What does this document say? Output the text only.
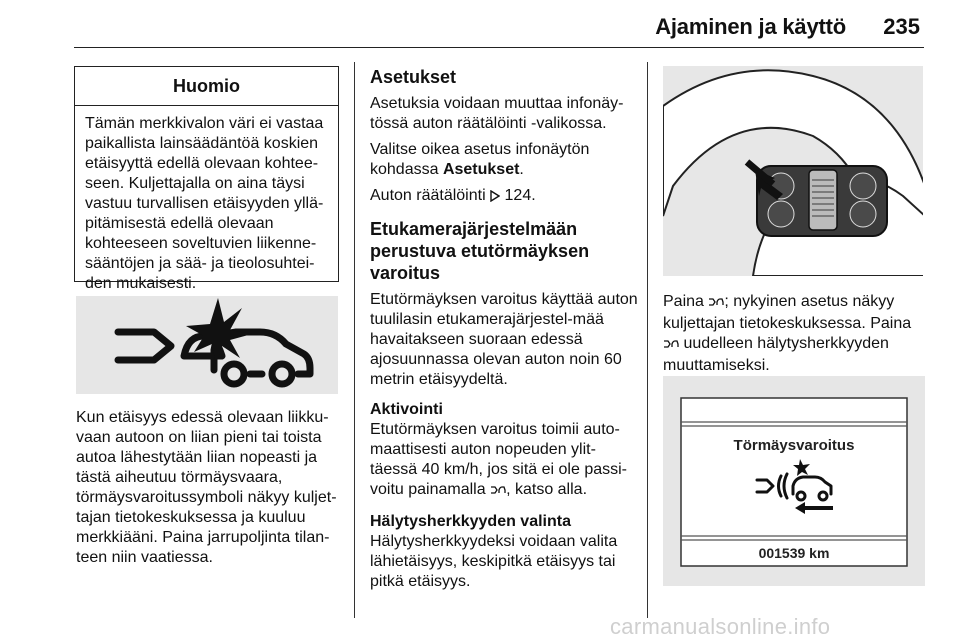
Ajaminen ja käyttö 235
Huomio
Tämän merkkivalon väri ei vastaa paikallista lainsäädäntöä koskien etäisyyttä edellä olevaan kohtee-seen. Kuljettajalla on aina täysi vastuu turvallisen etäisyyden yllä-pitämisestä edellä olevaan kohteeseen soveltuvien liikenne-sääntöjen ja sää- ja tieolosuhtei-den mukaisesti.
Kun etäisyys edessä olevaan liikku-vaan autoon on liian pieni tai toista autoa lähestytään liian nopeasti ja tästä aiheutuu törmäysvaara, törmäysvaroitussymboli näkyy kuljet-tajan tietokeskuksessa ja kuuluu merkkiääni. Paina jarrupoljinta tilan-teen niin vaatiessa.
Asetukset

Asetuksia voidaan muuttaa infonäy-tössä auton räätälöinti -valikossa.

Valitse oikea asetus infonäytön kohdassa Asetukset.

Auton räätälöinti  124.

Etukamerajärjestelmään perustuva etutörmäyksen varoitus

Etutörmäyksen varoitus käyttää auton tuulilasin etukamerajärjestel-mää havaitakseen suoraan edessä ajosuunnassa olevan auton noin 60 metrin etäisyydeltä.

Aktivointi

Etutörmäyksen varoitus toimii auto-maattisesti auton nopeuden ylit-täessä 40 km/h, jos sitä ei ole passi-voitu painamalla , katso alla.

Hälytysherkkyyden valinta

Hälytysherkkyydeksi voidaan valita lähietäisyys, keskipitkä etäisyys tai pitkä etäisyys.

Paina ; nykyinen asetus näkyy kuljettajan tietokeskuksessa. Paina  uudelleen hälytysherkkyyden muuttamiseksi.
Törmäysvaroitus
001539 km
carmanualsonline.info
